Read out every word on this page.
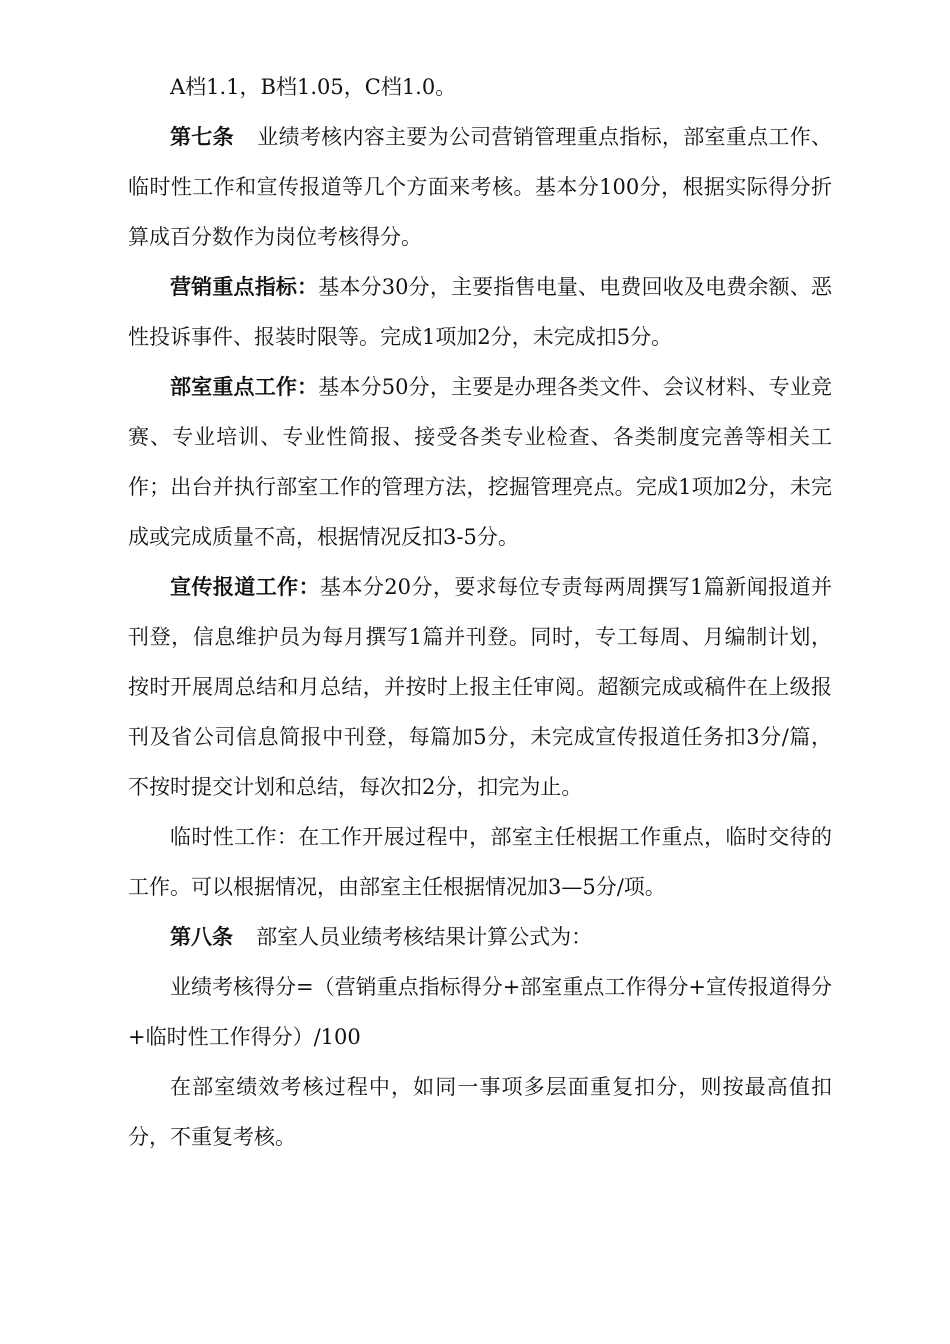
A档1.1，B档1.05，C档1.0。

第七条 业绩考核内容主要为公司营销管理重点指标，部室重点工作、临时性工作和宣传报道等几个方面来考核。基本分100分，根据实际得分折算成百分数作为岗位考核得分。

营销重点指标：基本分30分，主要指售电量、电费回收及电费余额、恶性投诉事件、报装时限等。完成1项加2分，未完成扣5分。

部室重点工作：基本分50分，主要是办理各类文件、会议材料、专业竞赛、专业培训、专业性简报、接受各类专业检查、各类制度完善等相关工作；出台并执行部室工作的管理方法，挖掘管理亮点。完成1项加2分，未完成或完成质量不高，根据情况反扣3-5分。

宣传报道工作：基本分20分，要求每位专责每两周撰写1篇新闻报道并刊登，信息维护员为每月撰写1篇并刊登。同时，专工每周、月编制计划，按时开展周总结和月总结，并按时上报主任审阅。超额完成或稿件在上级报刊及省公司信息简报中刊登，每篇加5分，未完成宣传报道任务扣3分/篇，不按时提交计划和总结，每次扣2分，扣完为止。

临时性工作：在工作开展过程中，部室主任根据工作重点，临时交待的工作。可以根据情况，由部室主任根据情况加3—5分/项。

第八条 部室人员业绩考核结果计算公式为：

业绩考核得分=（营销重点指标得分+部室重点工作得分+宣传报道得分+临时性工作得分）/100

在部室绩效考核过程中，如同一事项多层面重复扣分，则按最高值扣分，不重复考核。
